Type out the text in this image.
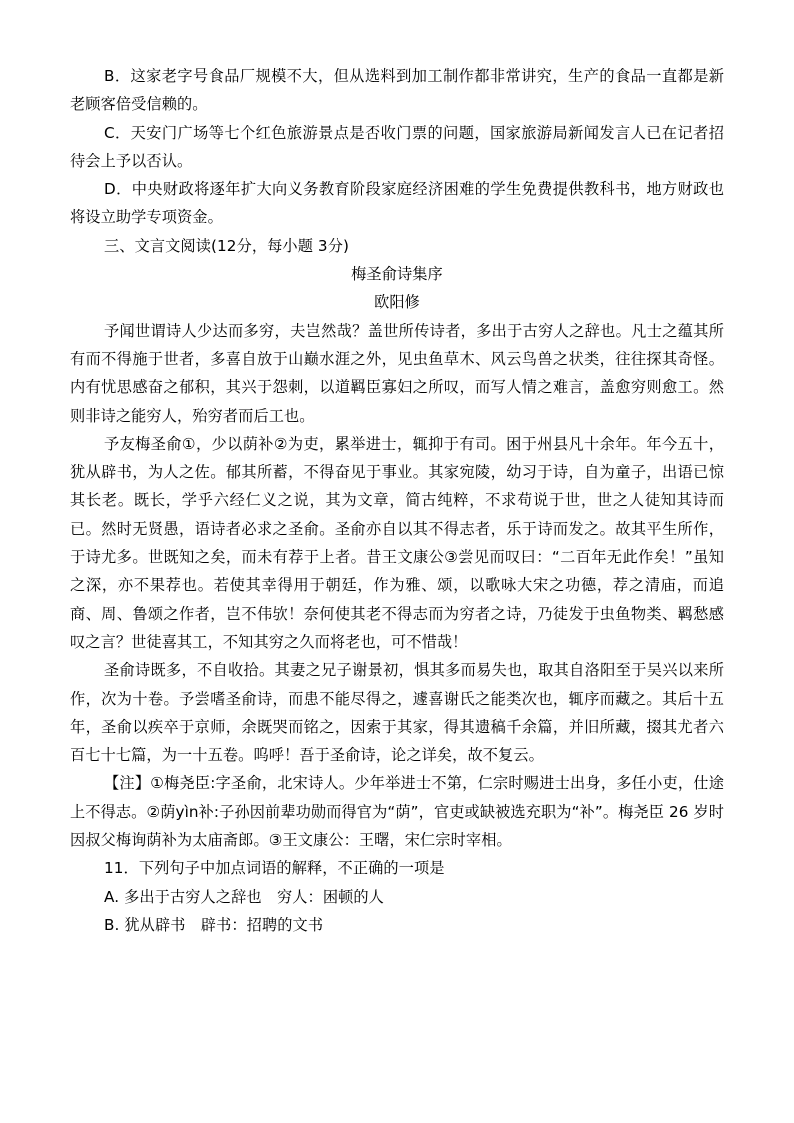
B．这家老字号食品厂规模不大，但从选料到加工制作都非常讲究，生产的食品一直都是新老顾客倍受信赖的。

C．天安门广场等七个红色旅游景点是否收门票的问题，国家旅游局新闻发言人已在记者招待会上予以否认。

D．中央财政将逐年扩大向义务教育阶段家庭经济困难的学生免费提供教科书，地方财政也将设立助学专项资金。

三、文言文阅读(12分，每小题 3分)

梅圣俞诗集序

欧阳修

予闻世谓诗人少达而多穷，夫岂然哉？盖世所传诗者，多出于古穷人之辞也。凡士之蕴其所有而不得施于世者，多喜自放于山巅水涯之外，见虫鱼草木、风云鸟兽之状类，往往探其奇怪。内有忧思感奋之郁积，其兴于怨刺，以道羁臣寡妇之所叹，而写人情之难言，盖愈穷则愈工。然则非诗之能穷人，殆穷者而后工也。

予友梅圣俞①，少以荫补②为吏，累举进士，辄抑于有司。困于州县凡十余年。年今五十，犹从辟书，为人之佐。郁其所蓄，不得奋见于事业。其家宛陵，幼习于诗，自为童子，出语已惊其长老。既长，学乎六经仁义之说，其为文章，简古纯粹，不求苟说于世，世之人徒知其诗而已。然时无贤愚，语诗者必求之圣俞。圣俞亦自以其不得志者，乐于诗而发之。故其平生所作，于诗尤多。世既知之矣，而未有荐于上者。昔王文康公③尝见而叹曰：“二百年无此作矣！”虽知之深，亦不果荐也。若使其幸得用于朝廷，作为雅、颂，以歌咏大宋之功德，荐之清庙，而追商、周、鲁颂之作者，岂不伟欤！奈何使其老不得志而为穷者之诗，乃徒发于虫鱼物类、羁愁感叹之言？世徒喜其工，不知其穷之久而将老也，可不惜哉！

圣俞诗既多，不自收拾。其妻之兄子谢景初，惧其多而易失也，取其自洛阳至于吴兴以来所作，次为十卷。予尝嗜圣俞诗，而患不能尽得之，遽喜谢氏之能类次也，辄序而藏之。其后十五年，圣俞以疾卒于京师，余既哭而铭之，因索于其家，得其遗稿千余篇，并旧所藏，掇其尤者六百七十七篇，为一十五卷。呜呼！吾于圣俞诗，论之详矣，故不复云。

【注】①梅尧臣:字圣俞，北宋诗人。少年举进士不第，仁宗时赐进士出身，多任小吏，仕途上不得志。②荫yìn补:子孙因前辈功勋而得官为“荫”，官吏或缺被选充职为“补”。梅尧臣 26 岁时因叔父梅询荫补为太庙斋郎。③王文康公：王曙，宋仁宗时宰相。

11．下列句子中加点词语的解释，不正确的一项是

A. 多出于古穷人之辞也　穷人：困顿的人

B. 犹从辟书　辟书：招聘的文书
